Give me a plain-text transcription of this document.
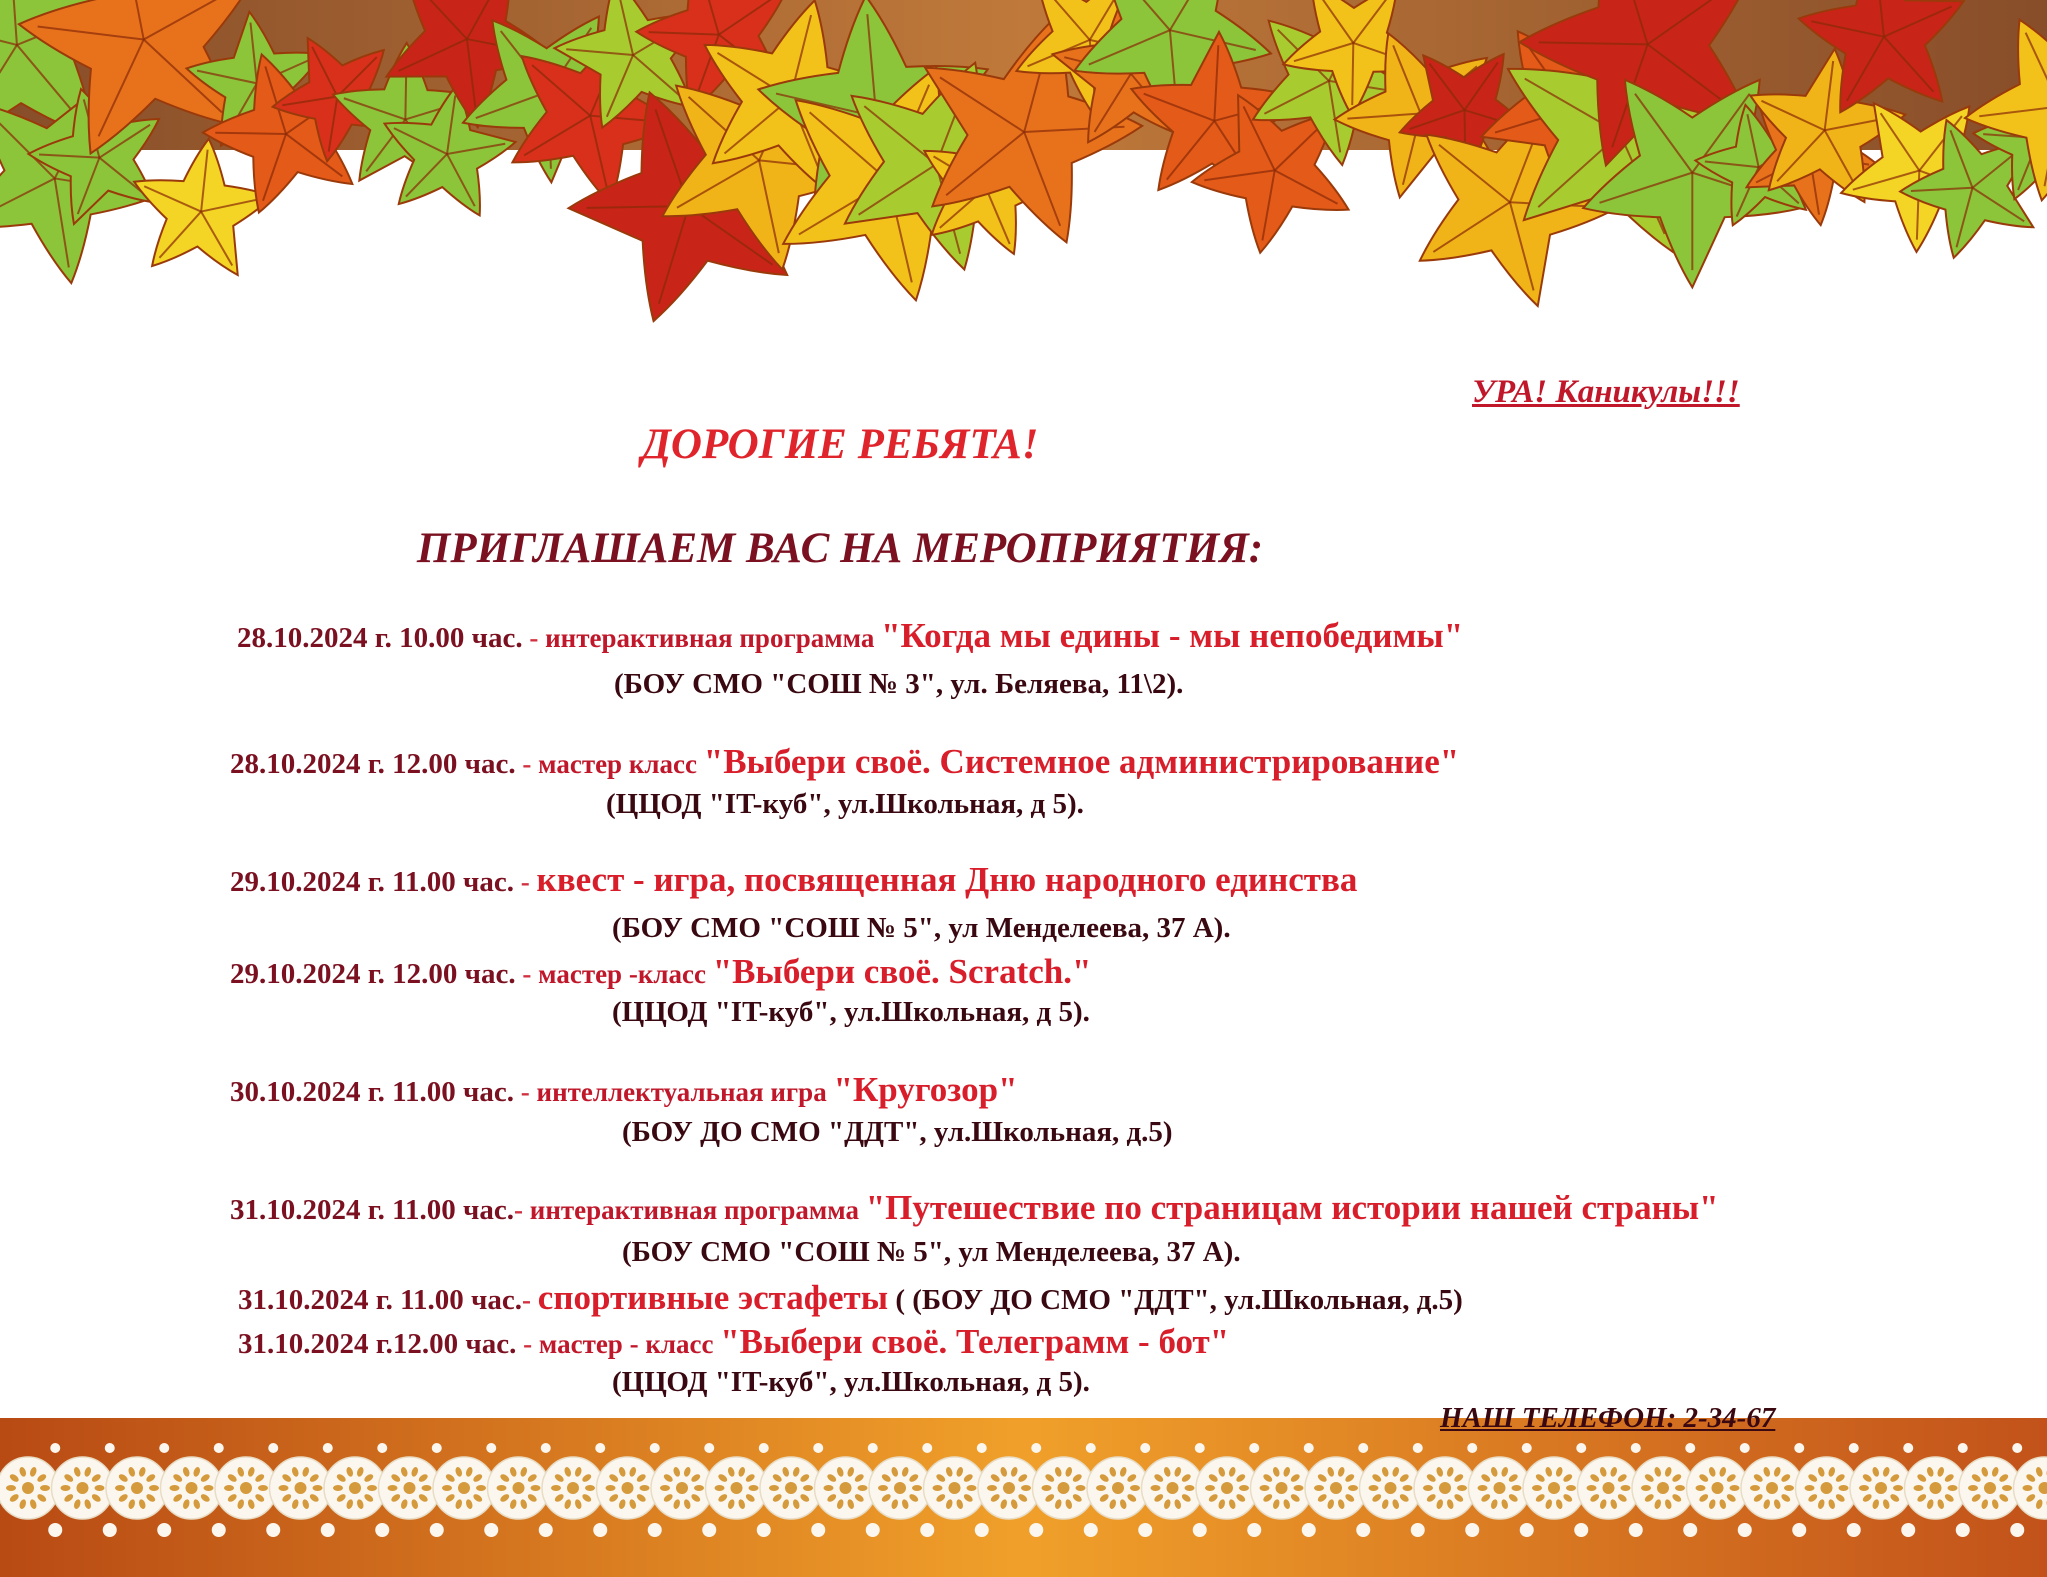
УРА! Каникулы!!!
ДОРОГИЕ РЕБЯТА!
ПРИГЛАШАЕМ ВАС НА МЕРОПРИЯТИЯ:
28.10.2024 г. 10.00 час. - интерактивная программа "Когда мы едины - мы непобедимы"
(БОУ СМО "СОШ № 3", ул. Беляева, 11\2).
28.10.2024 г. 12.00 час. - мастер класс "Выбери своё. Системное администрирование"
(ЦЦОД "IT-куб", ул.Школьная, д 5).
29.10.2024 г. 11.00 час. - квест - игра, посвященная Дню народного единства
(БОУ СМО "СОШ № 5", ул Менделеева, 37 А).
29.10.2024 г. 12.00 час. - мастер -класс "Выбери своё. Scratch."
(ЦЦОД "IT-куб", ул.Школьная, д 5).
30.10.2024 г. 11.00 час. - интеллектуальная игра "Кругозор"
(БОУ ДО СМО "ДДТ", ул.Школьная, д.5)
31.10.2024 г. 11.00 час.- интерактивная программа "Путешествие по страницам истории нашей страны"
(БОУ СМО "СОШ № 5", ул Менделеева, 37 А).
31.10.2024 г. 11.00 час.- спортивные эстафеты ( (БОУ ДО СМО "ДДТ", ул.Школьная, д.5)
31.10.2024 г.12.00 час. - мастер - класс "Выбери своё. Телеграмм - бот"
(ЦЦОД "IT-куб", ул.Школьная, д 5).
НАШ ТЕЛЕФОН: 2-34-67
